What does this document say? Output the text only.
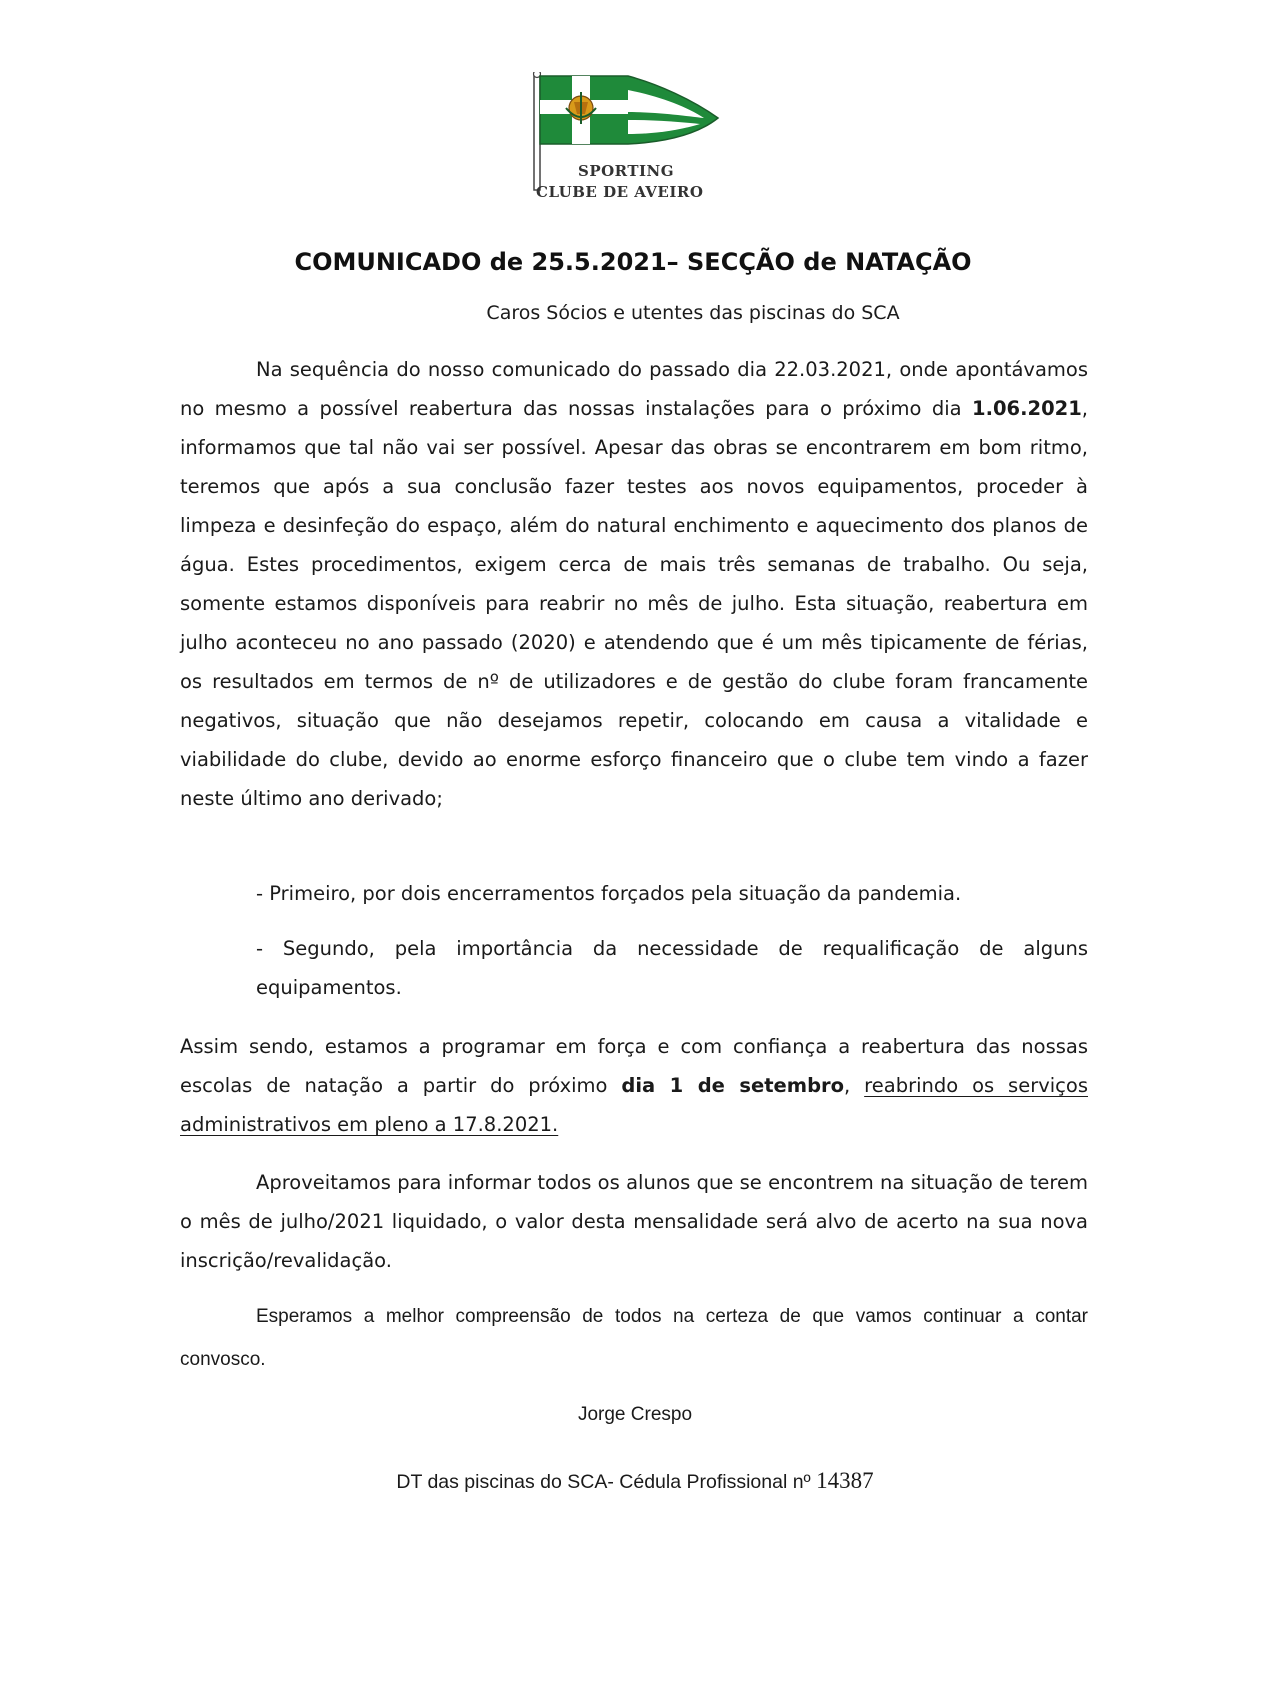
SPORTING
CLUBE DE AVEIRO
COMUNICADO de 25.5.2021– SECÇÃO de NATAÇÃO
Caros Sócios e utentes das piscinas do SCA
Na sequência do nosso comunicado do passado dia 22.03.2021, onde apontávamos no mesmo a possível reabertura das nossas instalações para o próximo dia 1.06.2021, informamos que tal não vai ser possível. Apesar das obras se encontrarem em bom ritmo, teremos que após a sua conclusão fazer testes aos novos equipamentos, proceder à limpeza e desinfeção do espaço, além do natural enchimento e aquecimento dos planos de água. Estes procedimentos, exigem cerca de mais três semanas de trabalho. Ou seja, somente estamos disponíveis para reabrir no mês de julho. Esta situação, reabertura em julho aconteceu no ano passado (2020) e atendendo que é um mês tipicamente de férias, os resultados em termos de nº de utilizadores e de gestão do clube foram francamente negativos, situação que não desejamos repetir, colocando em causa a vitalidade e viabilidade do clube, devido ao enorme esforço financeiro que o clube tem vindo a fazer neste último ano derivado;
- Primeiro, por dois encerramentos forçados pela situação da pandemia.
- Segundo, pela importância da necessidade de requalificação de alguns equipamentos.
Assim sendo, estamos a programar em força e com confiança a reabertura das nossas escolas de natação a partir do próximo dia 1 de setembro, reabrindo os serviços administrativos em pleno a 17.8.2021.
Aproveitamos para informar todos os alunos que se encontrem na situação de terem o mês de julho/2021 liquidado, o valor desta mensalidade será alvo de acerto na sua nova inscrição/revalidação.
Esperamos a melhor compreensão de todos na certeza de que vamos continuar a contar convosco.
Jorge Crespo
DT das piscinas do SCA- Cédula Profissional nº 14387
